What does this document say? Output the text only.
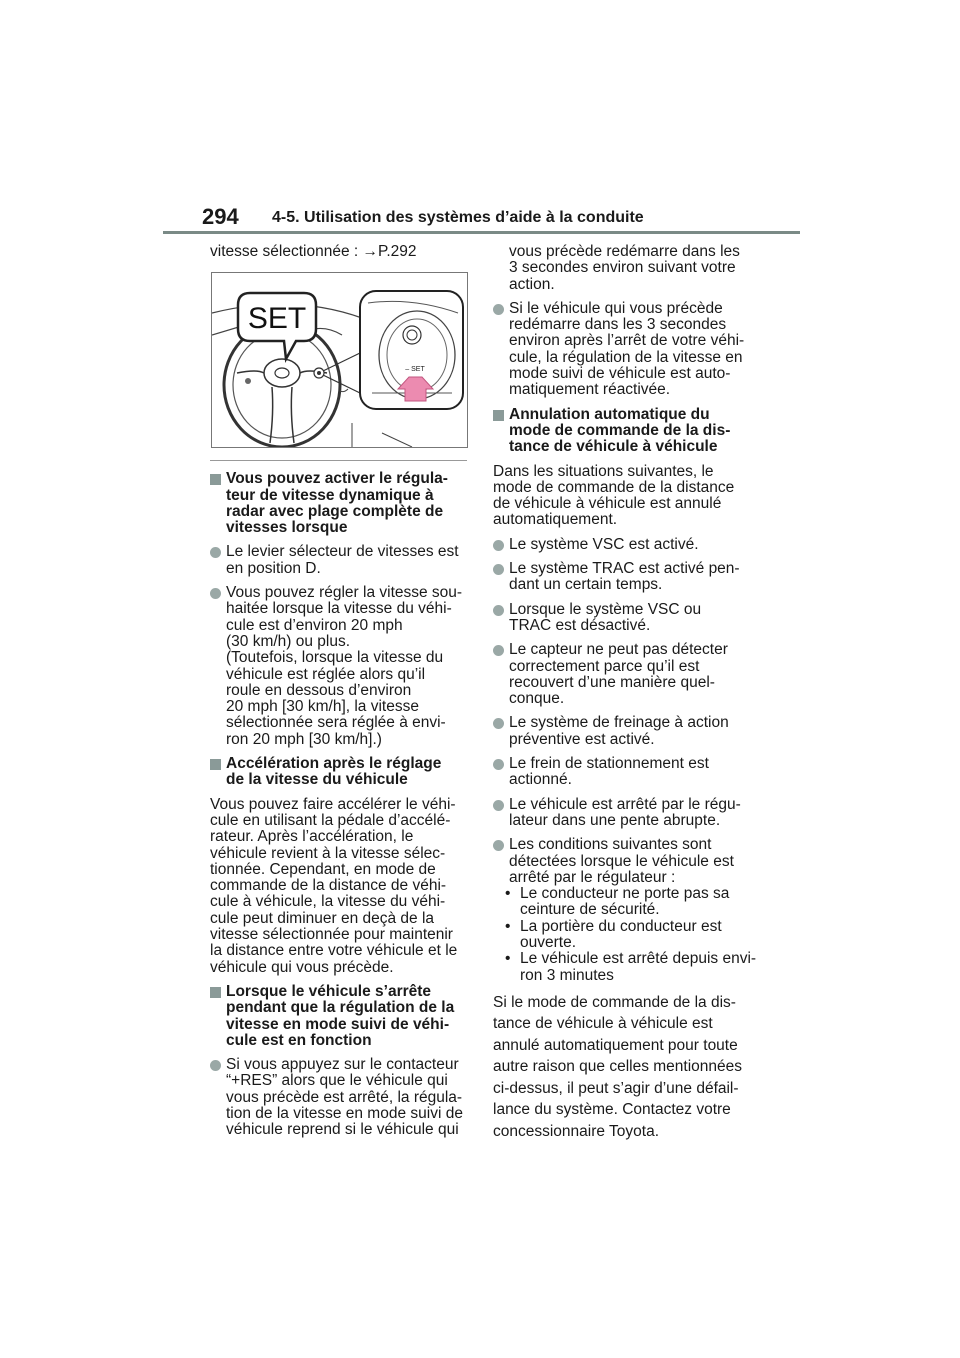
294 4-5. Utilisation des systèmes d’aide à la conduite

vitesse sélectionnée : →P.292

SET
– SET
Vous pouvez activer le régula-
teur de vitesse dynamique à
radar avec plage complète de
vitesses lorsque
Le levier sélecteur de vitesses est
en position D.
Vous pouvez régler la vitesse sou-
haitée lorsque la vitesse du véhi-
cule est d’environ 20 mph
(30 km/h) ou plus.
(Toutefois, lorsque la vitesse du
véhicule est réglée alors qu’il
roule en dessous d’environ
20 mph [30 km/h], la vitesse
sélectionnée sera réglée à envi-
ron 20 mph [30 km/h].)
Accélération après le réglage
de la vitesse du véhicule

Vous pouvez faire accélérer le véhi-
cule en utilisant la pédale d’accélé-
rateur. Après l’accélération, le
véhicule revient à la vitesse sélec-
tionnée. Cependant, en mode de
commande de la distance de véhi-
cule à véhicule, la vitesse du véhi-
cule peut diminuer en deçà de la
vitesse sélectionnée pour maintenir
la distance entre votre véhicule et le
véhicule qui vous précède.

Lorsque le véhicule s’arrête
pendant que la régulation de la
vitesse en mode suivi de véhi-
cule est en fonction
Si vous appuyez sur le contacteur
“+RES” alors que le véhicule qui
vous précède est arrêté, la régula-
tion de la vitesse en mode suivi de
véhicule reprend si le véhicule qui

vous précède redémarre dans les
3 secondes environ suivant votre
action.

Si le véhicule qui vous précède
redémarre dans les 3 secondes
environ après l’arrêt de votre véhi-
cule, la régulation de la vitesse en
mode suivi de véhicule est auto-
matiquement réactivée.
Annulation automatique du
mode de commande de la dis-
tance de véhicule à véhicule

Dans les situations suivantes, le
mode de commande de la distance
de véhicule à véhicule est annulé
automatiquement.

Le système VSC est activé.
Le système TRAC est activé pen-
dant un certain temps.
Lorsque le système VSC ou
TRAC est désactivé.
Le capteur ne peut pas détecter
correctement parce qu’il est
recouvert d’une manière quel-
conque.
Le système de freinage à action
préventive est activé.
Le frein de stationnement est
actionné.
Le véhicule est arrêté par le régu-
lateur dans une pente abrupte.
Les conditions suivantes sont
détectées lorsque le véhicule est
arrêté par le régulateur :
• Le conducteur ne porte pas sa
ceinture de sécurité.
• La portière du conducteur est
ouverte.
• Le véhicule est arrêté depuis envi-
ron 3 minutes

Si le mode de commande de la dis-
tance de véhicule à véhicule est
annulé automatiquement pour toute
autre raison que celles mentionnées
ci-dessus, il peut s’agir d’une défail-
lance du système. Contactez votre
concessionnaire Toyota.
